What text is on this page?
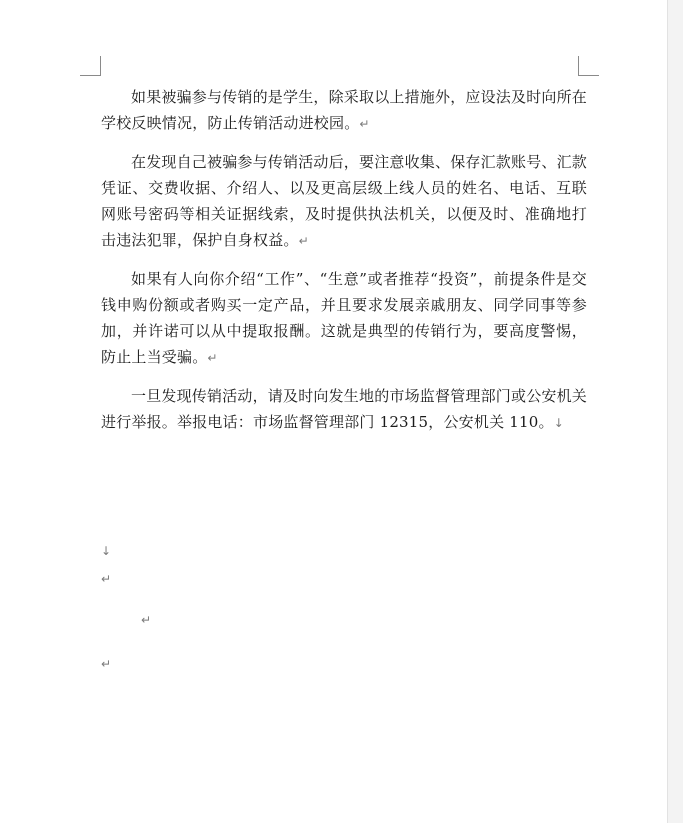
如果被骗参与传销的是学生，除采取以上措施外，应设法及时向所在学校反映情况，防止传销活动进校园。↵

在发现自己被骗参与传销活动后，要注意收集、保存汇款账号、汇款凭证、交费收据、介绍人、以及更高层级上线人员的姓名、电话、互联网账号密码等相关证据线索，及时提供执法机关，以便及时、准确地打击违法犯罪，保护自身权益。↵

如果有人向你介绍“工作”、“生意”或者推荐“投资”，前提条件是交钱申购份额或者购买一定产品，并且要求发展亲戚朋友、同学同事等参加，并许诺可以从中提取报酬。这就是典型的传销行为，要高度警惕，防止上当受骗。↵

一旦发现传销活动，请及时向发生地的市场监督管理部门或公安机关进行举报。举报电话：市场监督管理部门 12315，公安机关 110。↓

↓
↵
↵
↵
